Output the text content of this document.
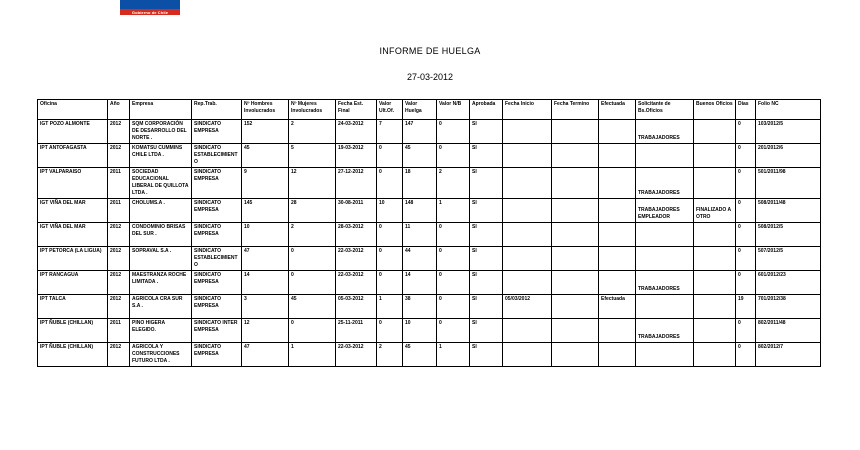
Gobierno de Chile
INFORME DE HUELGA
27-03-2012
Oficina	Año	Empresa	Rep.Trab.	Nº Hombres Involucrados	Nº Mujeres Involucrados	Fecha Est. Final	Valor Ult.Of.	Valor Huelga	Valor N/B	Aprobada	Fecha Inicio	Fecha Termino	Efectuada	Solicitante de Bs.Oficios	Buenos Oficios	Días	Folio NC
IGT POZO ALMONTE	2012	SQM CORPORACIÓN DE DESARROLLO DEL NORTE .	SINDICATO EMPRESA	152	2	24-03-2012	7	147	0	SI				TRABAJADORES		0	103/2012/5
IPT ANTOFAGASTA	2012	KOMATSU CUMMINS CHILE LTDA .	SINDICATO ESTABLECIMIENTO	45	5	19-03-2012	0	45	0	SI						0	201/2012/6
IPT VALPARAISO	2011	SOCIEDAD EDUCACIONAL LIBERAL DE QUILLOTA LTDA .	SINDICATO EMPRESA	9	12	27-12-2012	0	18	2	SI				TRABAJADORES		0	501/2011/98
IGT VIÑA DEL MAR	2011	CHOLUMS.A .	SINDICATO EMPRESA	145	28	30-08-2011	10	148	1	SI				TRABAJADORES EMPLEADOR	FINALIZADO A OTRO	0	508/2011/48
IGT VIÑA DEL MAR	2012	CONDOMINIO BRISAS DEL SUR .	SINDICATO EMPRESA	10	2	28-03-2012	0	11	0	SI						0	508/2012/5
IPT PETORCA (LA LIGUA)	2012	SOPRAVAL S.A .	SINDICATO ESTABLECIMIENTO	47	0	22-03-2012	0	44	0	SI						0	507/2012/5
IPT RANCAGUA	2012	MAESTRANZA ROCHE LIMITADA .	SINDICATO EMPRESA	14	0	22-03-2012	0	14	0	SI				TRABAJADORES		0	601/2012/23
IPT TALCA	2012	AGRICOLA CRA SUR S.A .	SINDICATO EMPRESA	3	45	05-03-2012	1	38	0	SI	05/03/2012		Efectuada			19	701/2012/38
IPT ÑUBLE (CHILLAN)	2011	PINO HIGERA ELEGIDO.	SINDICATO INTER EMPRESA	12	0	25-11-2011	0	10	0	SI				TRABAJADORES		0	802/2011/48
IPT ÑUBLE (CHILLAN)	2012	AGRICOLA Y CONSTRUCCIONES FUTURO LTDA .	SINDICATO EMPRESA	47	1	22-03-2012	2	45	1	SI						0	802/2012/7
